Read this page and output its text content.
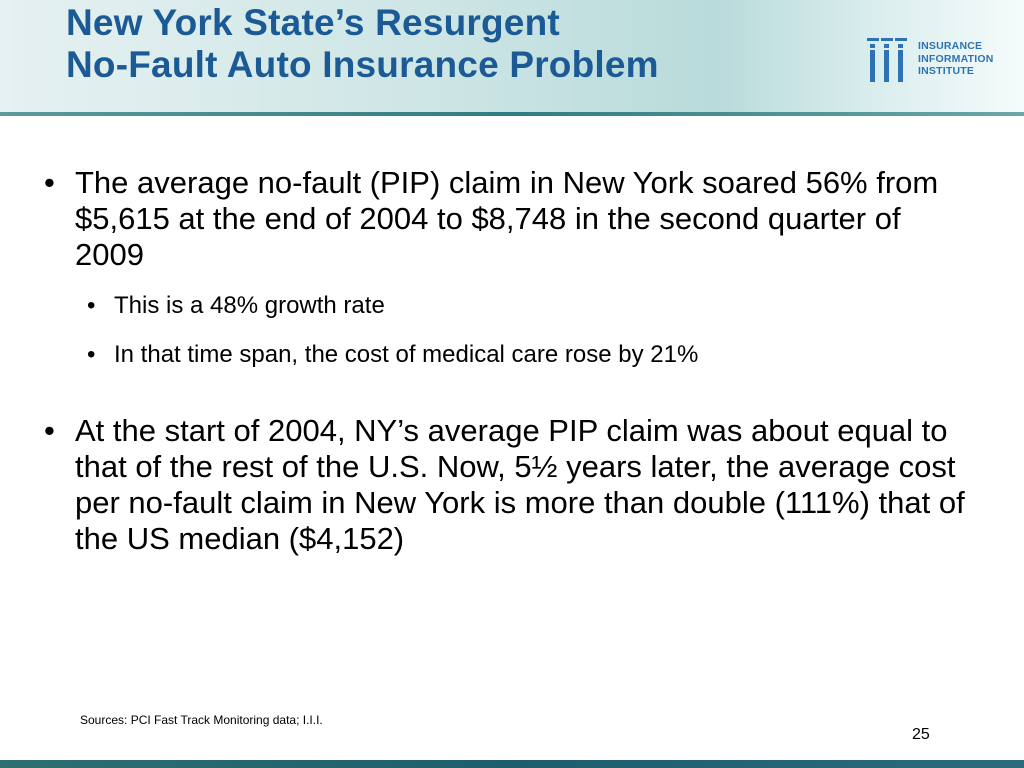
New York State’s Resurgent
No-Fault Auto Insurance Problem	INSURANCE
INFORMATION
INSTITUTE
• The average no-fault (PIP) claim in New York soared 56% from $5,615 at the end of 2004 to $8,748 in the second quarter of 2009
• This is a 48% growth rate
• In that time span, the cost of medical care rose by 21%
• At the start of 2004, NY’s average PIP claim was about equal to that of the rest of the U.S. Now, 5½ years later, the average cost per no-fault claim in New York is more than double (111%) that of the US median ($4,152)
Sources: PCI Fast Track Monitoring data; I.I.I.
25
